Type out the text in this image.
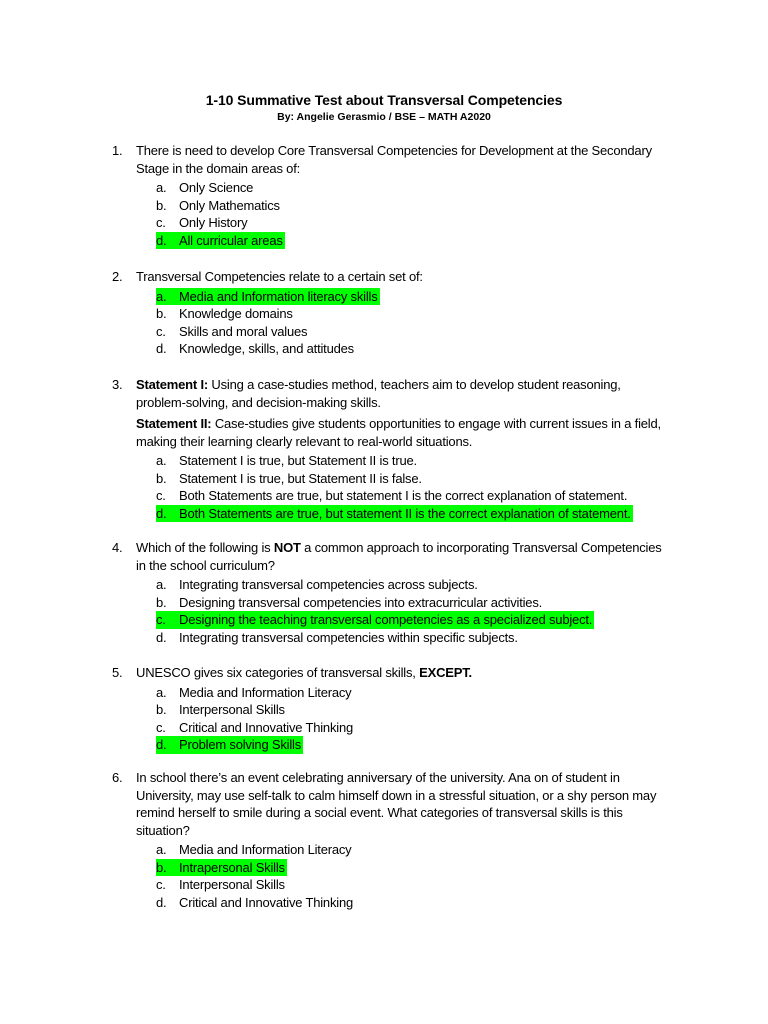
1-10 Summative Test about Transversal Competencies
By: Angelie Gerasmio / BSE – MATH A2020
1. There is need to develop Core Transversal Competencies for Development at the Secondary Stage in the domain areas of:
a. Only Science
b. Only Mathematics
c. Only History
d. All curricular areas
2. Transversal Competencies relate to a certain set of:
a. Media and Information literacy skills
b. Knowledge domains
c. Skills and moral values
d. Knowledge, skills, and attitudes
3. Statement I: Using a case-studies method, teachers aim to develop student reasoning, problem-solving, and decision-making skills.
Statement II: Case-studies give students opportunities to engage with current issues in a field, making their learning clearly relevant to real-world situations.
a. Statement I is true, but Statement II is true.
b. Statement I is true, but Statement II is false.
c. Both Statements are true, but statement I is the correct explanation of statement.
d. Both Statements are true, but statement II is the correct explanation of statement.
4. Which of the following is NOT a common approach to incorporating Transversal Competencies in the school curriculum?
a. Integrating transversal competencies across subjects.
b. Designing transversal competencies into extracurricular activities.
c. Designing the teaching transversal competencies as a specialized subject.
d. Integrating transversal competencies within specific subjects.
5. UNESCO gives six categories of transversal skills, EXCEPT.
a. Media and Information Literacy
b. Interpersonal Skills
c. Critical and Innovative Thinking
d. Problem solving Skills
6. In school there’s an event celebrating anniversary of the university. Ana on of student in University, may use self-talk to calm himself down in a stressful situation, or a shy person may remind herself to smile during a social event. What categories of transversal skills is this situation?
a. Media and Information Literacy
b. Intrapersonal Skills
c. Interpersonal Skills
d. Critical and Innovative Thinking
